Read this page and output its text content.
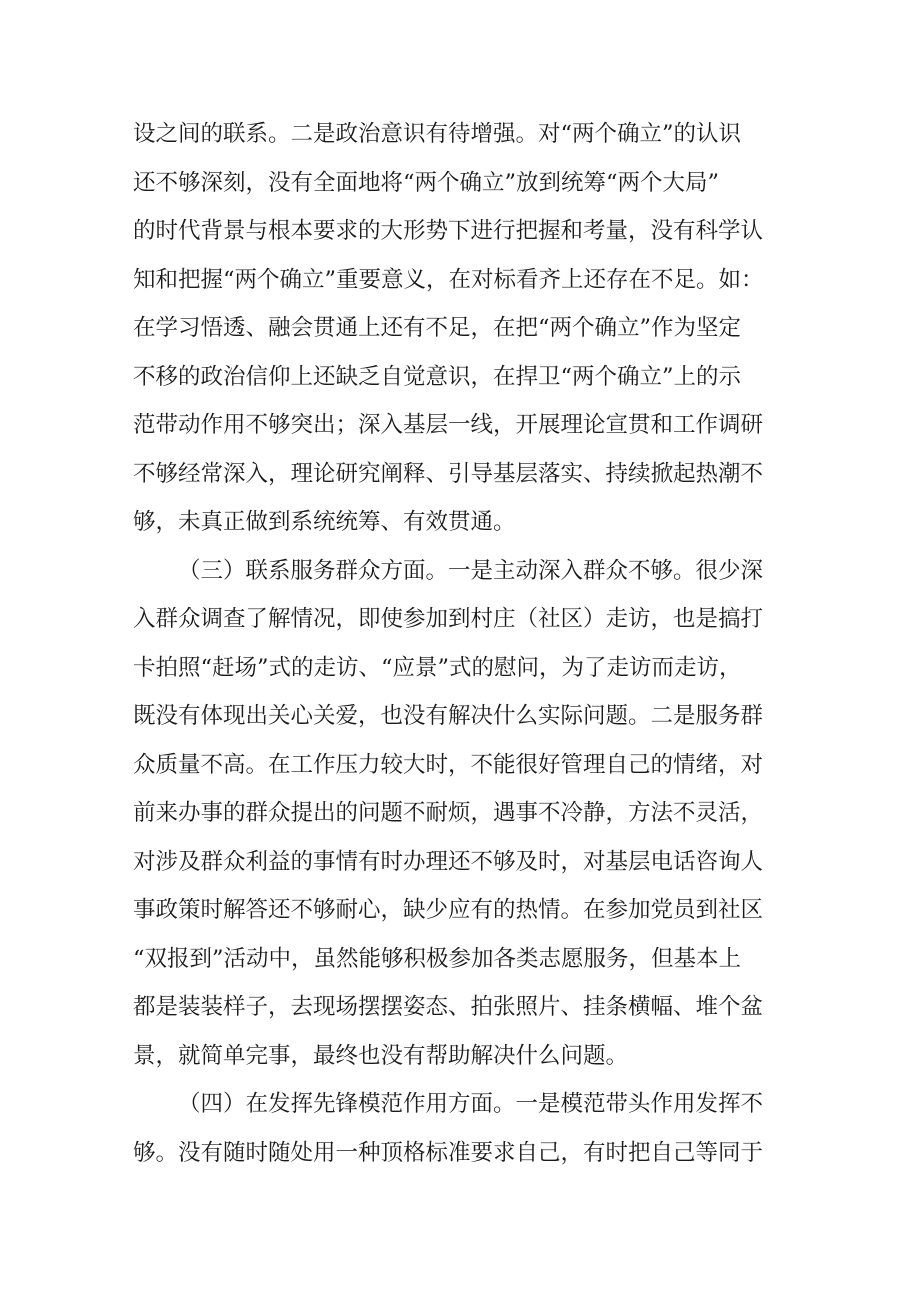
设之间的联系。二是政治意识有待增强。对“两个确立”的认识
还不够深刻，没有全面地将“两个确立”放到统筹“两个大局”
的时代背景与根本要求的大形势下进行把握和考量，没有科学认
知和把握“两个确立”重要意义，在对标看齐上还存在不足。如：
在学习悟透、融会贯通上还有不足，在把“两个确立”作为坚定
不移的政治信仰上还缺乏自觉意识，在捍卫“两个确立”上的示
范带动作用不够突出；深入基层一线，开展理论宣贯和工作调研
不够经常深入，理论研究阐释、引导基层落实、持续掀起热潮不
够，未真正做到系统统筹、有效贯通。

（三）联系服务群众方面。一是主动深入群众不够。很少深
入群众调查了解情况，即使参加到村庄（社区）走访，也是搞打
卡拍照“赶场”式的走访、“应景”式的慰问，为了走访而走访，
既没有体现出关心关爱，也没有解决什么实际问题。二是服务群
众质量不高。在工作压力较大时，不能很好管理自己的情绪，对
前来办事的群众提出的问题不耐烦，遇事不冷静，方法不灵活，
对涉及群众利益的事情有时办理还不够及时，对基层电话咨询人
事政策时解答还不够耐心，缺少应有的热情。在参加党员到社区
“双报到”活动中，虽然能够积极参加各类志愿服务，但基本上
都是装装样子，去现场摆摆姿态、拍张照片、挂条横幅、堆个盆
景，就简单完事，最终也没有帮助解决什么问题。

（四）在发挥先锋模范作用方面。一是模范带头作用发挥不
够。没有随时随处用一种顶格标准要求自己，有时把自己等同于
